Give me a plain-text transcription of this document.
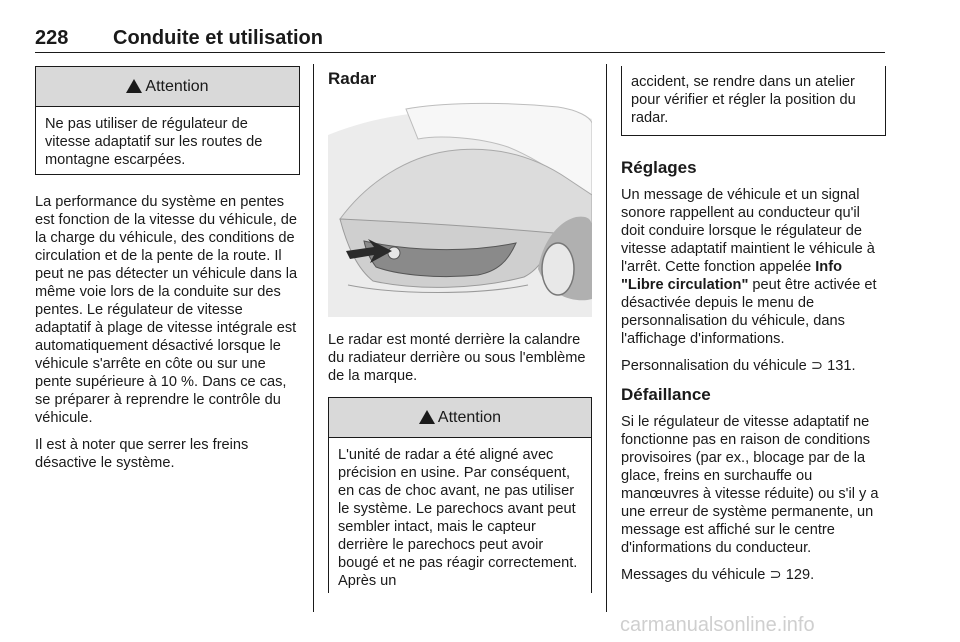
228 Conduite et utilisation
Attention
Ne pas utiliser de régulateur de vitesse adaptatif sur les routes de montagne escarpées.

La performance du système en pentes est fonction de la vitesse du véhicule, de la charge du véhicule, des conditions de circulation et de la pente de la route. Il peut ne pas détecter un véhicule dans la même voie lors de la conduite sur des pentes. Le régulateur de vitesse adaptatif à plage de vitesse intégrale est automatiquement désactivé lorsque le véhicule s'arrête en côte ou sur une pente supérieure à 10 %. Dans ce cas, se préparer à reprendre le contrôle du véhicule.

Il est à noter que serrer les freins désactive le système.

Radar

Le radar est monté derrière la calandre du radiateur derrière ou sous l'emblème de la marque.

Attention
L'unité de radar a été aligné avec précision en usine. Par conséquent, en cas de choc avant, ne pas utiliser le système. Le parechocs avant peut sembler intact, mais le capteur derrière le parechocs peut avoir bougé et ne pas réagir correctement. Après un
accident, se rendre dans un atelier pour vérifier et régler la position du radar.
Réglages

Un message de véhicule et un signal sonore rappellent au conducteur qu'il doit conduire lorsque le régulateur de vitesse adaptatif maintient le véhicule à l'arrêt. Cette fonction appelée Info "Libre circulation" peut être activée et désactivée depuis le menu de personnalisation du véhicule, dans l'affichage d'informations.

Personnalisation du véhicule ⊃ 131.

Défaillance

Si le régulateur de vitesse adaptatif ne fonctionne pas en raison de conditions provisoires (par ex., blocage par de la glace, freins en surchauffe ou manœuvres à vitesse réduite) ou s'il y a une erreur de système permanente, un message est affiché sur le centre d'informations du conducteur.

Messages du véhicule ⊃ 129.

carmanualsonline.info
